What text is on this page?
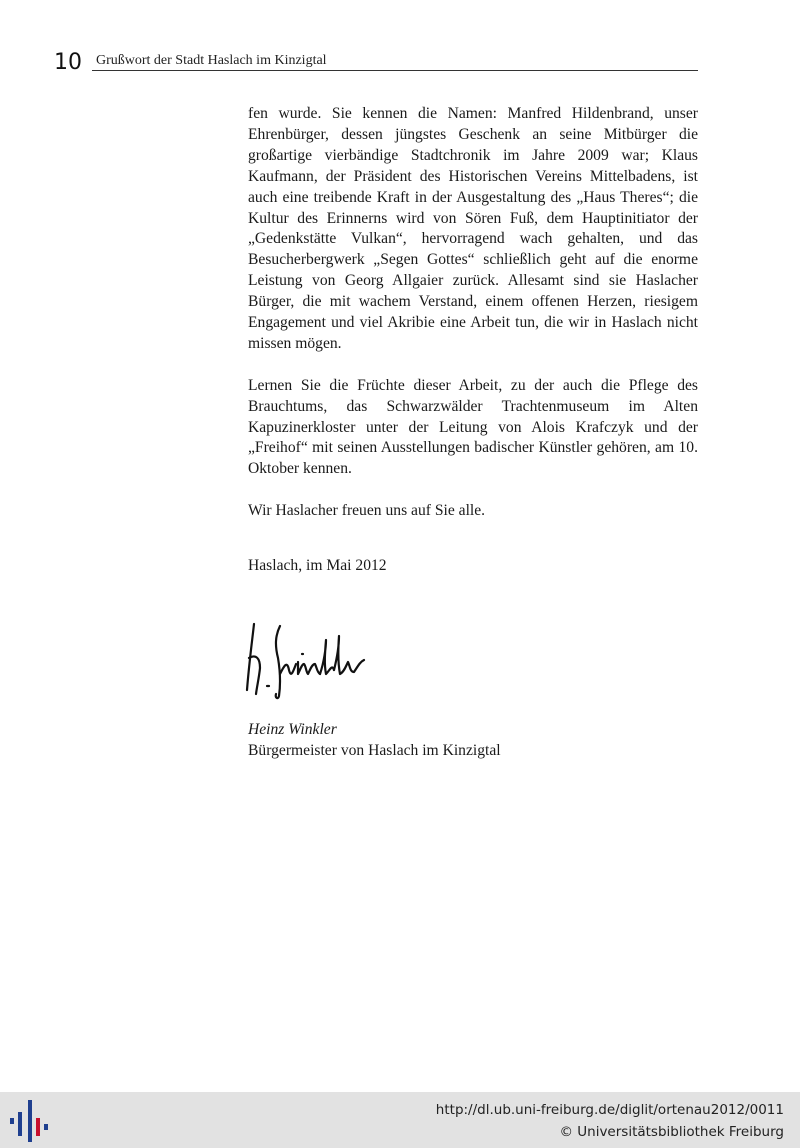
10 Grußwort der Stadt Haslach im Kinzigtal

fen wurde. Sie kennen die Namen: Manfred Hildenbrand, unser Ehrenbürger, dessen jüngstes Geschenk an seine Mitbürger die großartige vierbändige Stadtchronik im Jahre 2009 war; Klaus Kaufmann, der Präsident des Historischen Vereins Mittelbadens, ist auch eine treibende Kraft in der Ausgestaltung des „Haus Theres“; die Kultur des Erinnerns wird von Sören Fuß, dem Hauptinitiator der „Gedenkstätte Vulkan“, hervorragend wach gehalten, und das Besucherbergwerk „Segen Gottes“ schließlich geht auf die enorme Leistung von Georg Allgaier zurück. Allesamt sind sie Haslacher Bürger, die mit wachem Verstand, einem offenen Herzen, riesigem Engagement und viel Akribie eine Arbeit tun, die wir in Haslach nicht missen mögen.

Lernen Sie die Früchte dieser Arbeit, zu der auch die Pflege des Brauchtums, das Schwarzwälder Trachtenmuseum im Alten Kapuzinerkloster unter der Leitung von Alois Krafczyk und der „Freihof“ mit seinen Ausstellungen badischer Künstler gehören, am 10. Oktober kennen.

Wir Haslacher freuen uns auf Sie alle.

Haslach, im Mai 2012
Heinz Winkler
Bürgermeister von Haslach im Kinzigtal
http://dl.ub.uni-freiburg.de/diglit/ortenau2012/0011
© Universitätsbibliothek Freiburg
